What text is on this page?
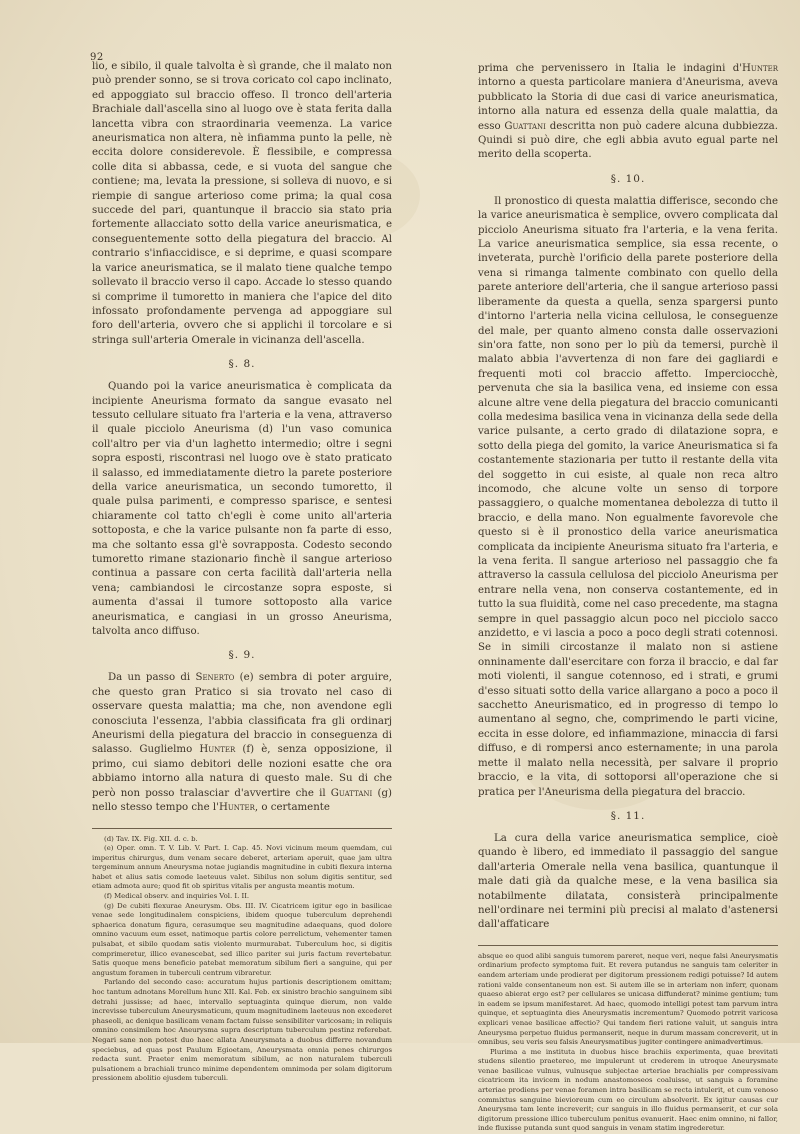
92

lio, e sibilo, il quale talvolta è sì grande, che il malato non può prender sonno, se si trova coricato col capo inclinato, ed appoggiato sul braccio offeso. Il tronco dell'arteria Brachiale dall'ascella sino al luogo ove è stata ferita dalla lancetta vibra con straordinaria veemenza. La varice aneurismatica non altera, nè infiamma punto la pelle, nè eccita dolore considerevole. È flessibile, e compressa colle dita si abbassa, cede, e si vuota del sangue che contiene; ma, levata la pressione, si solleva di nuovo, e si riempie di sangue arterioso come prima; la qual cosa succede del pari, quantunque il braccio sia stato pria fortemente allacciato sotto della varice aneurismatica, e conseguentemente sotto della piegatura del braccio. Al contrario s'infiaccidisce, e si deprime, e quasi scompare la varice aneurismatica, se il malato tiene qualche tempo sollevato il braccio verso il capo. Accade lo stesso quando si comprime il tumoretto in maniera che l'apice del dito infossato profondamente pervenga ad appoggiare sul foro dell'arteria, ovvero che si applichi il torcolare e si stringa sull'arteria Omerale in vicinanza dell'ascella.

§. 8.

Quando poi la varice aneurismatica è complicata da incipiente Aneurisma formato da sangue evasato nel tessuto cellulare situato fra l'arteria e la vena, attraverso il quale picciolo Aneurisma (d) l'un vaso comunica coll'altro per via d'un laghetto intermedio; oltre i segni sopra esposti, riscontrasi nel luogo ove è stato praticato il salasso, ed immediatamente dietro la parete posteriore della varice aneurismatica, un secondo tumoretto, il quale pulsa parimenti, e compresso sparisce, e sentesi chiaramente col tatto ch'egli è come unito all'arteria sottoposta, e che la varice pulsante non fa parte di esso, ma che soltanto essa gl'è sovrapposta. Codesto secondo tumoretto rimane stazionario finchè il sangue arterioso continua a passare con certa facilità dall'arteria nella vena; cambiandosi le circostanze sopra esposte, si aumenta d'assai il tumore sottoposto alla varice aneurismatica, e cangiasi in un grosso Aneurisma, talvolta anco diffuso.

§. 9.

Da un passo di Senerto (e) sembra di poter arguire, che questo gran Pratico si sia trovato nel caso di osservare questa malattia; ma che, non avendone egli conosciuta l'essenza, l'abbia classificata fra gli ordinarj Aneurismi della piegatura del braccio in conseguenza di salasso. Guglielmo Hunter (f) è, senza opposizione, il primo, cui siamo debitori delle nozioni esatte che ora abbiamo intorno alla natura di questo male. Su di che però non posso tralasciar d'avvertire che il Guattani (g) nello stesso tempo che l'Hunter, o certamente

(d) Tav. IX. Fig. XII. d. c. b.

(e) Oper. omn. T. V. Lib. V. Part. I. Cap. 45. Novi vicinum meum quemdam, cui imperitus chirurgus, dum venam secare deberet, arteriam aperuit, quae jam ultra tergeminum annum Aneurysma notae jugiandis magnitudine in cubiti flexura interna habet et alius satis comode laeteuus valet. Sibilus non solum digitis sentitur, sed etiam admota aure; quod fit ob spiritus vitalis per angusta meantis motum.

(f) Medical observ. and inquiries Vol. I. II.

(g) De cubiti flexurae Aneurysm. Obs. III. IV. Cicatricem igitur ego in basilicae venae sede longitudinalem conspiciens, ibidem quoque tuberculum deprehendi sphaerica donatum figura, cerasumque seu magnitudine adaequans, quod dolore omnino vacuum eum esset, natimoque partis colore perrelictum, vehementer tamen pulsabat, et sibilo quodam satis violento murmurabat. Tuberculum hoc, si digitis comprimeretur, illico evanescebat, sed illico pariter sui juris factum revertebatur. Satis quoque mens beneficio patebat memoratum sibilum fieri a sanguine, qui per angustum foramen in tuberculi centrum vibraretur.

Parlando del secondo caso: accuratum hujus partionis descriptionem omittam; hoc tantum adnotans Morellum hunc XII. Kal. Feb. ex sinistro brachio sanguinem sibi detrahi jussisse; ad haec, intervallo septuaginta quinque dierum, non valde increvisse tuberculum Aneurysmaticum, quum magnitudinem laeteuus non excederet phaseoli, ac denique basilicam venam factam fuisse sensibiliter varicosam; in reliquis omnino consimilem hoc Aneurysma supra descriptum tuberculum pestinz referebat. Negari sane non potest duo haec allata Aneurysmata a duobus differre novandum speciebus, ad quas post Paulum Egioetam, Aneurysmata omnia penes chirurgos redacta sunt. Praeter enim memoratum sibilum, ac non naturalem tuberculi pulsationem a brachiali trunco minime dependentem omnimoda per solam digitorum pressionem abolitio ejusdem tuberculi.

prima che pervenissero in Italia le indagini d'Hunter intorno a questa particolare maniera d'Aneurisma, aveva pubblicato la Storia di due casi di varice aneurismatica, intorno alla natura ed essenza della quale malattia, da esso Guattani descritta non può cadere alcuna dubbiezza. Quindi si può dire, che egli abbia avuto egual parte nel merito della scoperta.

§. 10.

Il pronostico di questa malattia differisce, secondo che la varice aneurismatica è semplice, ovvero complicata dal picciolo Aneurisma situato fra l'arteria, e la vena ferita. La varice aneurismatica semplice, sia essa recente, o inveterata, purchè l'orificio della parete posteriore della vena si rimanga talmente combinato con quello della parete anteriore dell'arteria, che il sangue arterioso passi liberamente da questa a quella, senza spargersi punto d'intorno l'arteria nella vicina cellulosa, le conseguenze del male, per quanto almeno consta dalle osservazioni sin'ora fatte, non sono per lo più da temersi, purchè il malato abbia l'avvertenza di non fare dei gagliardi e frequenti moti col braccio affetto. Imperciocchè, pervenuta che sia la basilica vena, ed insieme con essa alcune altre vene della piegatura del braccio comunicanti colla medesima basilica vena in vicinanza della sede della varice pulsante, a certo grado di dilatazione sopra, e sotto della piega del gomito, la varice Aneurismatica si fa costantemente stazionaria per tutto il restante della vita del soggetto in cui esiste, al quale non reca altro incomodo, che alcune volte un senso di torpore passaggiero, o qualche momentanea debolezza di tutto il braccio, e della mano. Non egualmente favorevole che questo si è il pronostico della varice aneurismatica complicata da incipiente Aneurisma situato fra l'arteria, e la vena ferita. Il sangue arterioso nel passaggio che fa attraverso la cassula cellulosa del picciolo Aneurisma per entrare nella vena, non conserva costantemente, ed in tutto la sua fluidità, come nel caso precedente, ma stagna sempre in quel passaggio alcun poco nel picciolo sacco anzidetto, e vi lascia a poco a poco degli strati cotennosi. Se in simili circostanze il malato non si astiene onninamente dall'esercitare con forza il braccio, e dal far moti violenti, il sangue cotennoso, ed i strati, e grumi d'esso situati sotto della varice allargano a poco a poco il sacchetto Aneurismatico, ed in progresso di tempo lo aumentano al segno, che, comprimendo le parti vicine, eccita in esse dolore, ed infiammazione, minaccia di farsi diffuso, e di rompersi anco esternamente; in una parola mette il malato nella necessità, per salvare il proprio braccio, e la vita, di sottoporsi all'operazione che si pratica per l'Aneurisma della piegatura del braccio.

§. 11.

La cura della varice aneurismatica semplice, cioè quando è libero, ed immediato il passaggio del sangue dall'arteria Omerale nella vena basilica, quantunque il male dati già da qualche mese, e la vena basilica sia notabilmente dilatata, consisterà principalmente nell'ordinare nei termini più precisi al malato d'astenersi dall'affaticare

absque eo quod alibi sanguis tumorem pareret, neque veri, neque falsi Aneurysmatis ordinarium profecto symptoma fuit. Et revera putandus ne sanguis tam celeriter in eandem arteriam unde prodierat per digitorum pressionem redigi potuisse? Id autem rationi valde consentaneum non est. Si autem ille se in arteriam non inferr, quonam quaeso abierat ergo est? per cellulares se unicasa diffunderat? minime gentium; tum in eadem se ipsum manifestaret. Ad haec, quomodo intelligi potest tam parvum intra quinque, et septuaginta dies Aneurysmatis incrementum? Quomodo potrrit varicosa explicari venae basilicae affectio? Qui tandem fieri ratione valuit, ut sanguis intra Aneurysma perpetuo fluidus permanserit, neque in durum massam concreverit, ut in omnibus, seu veris seu falsis Aneurysmatibus jugiter contingere animadvertimus.

Plurima a me instituta in duobus hisce brachiis experimenta, quae brevitati studens silentio praetereo, me impulerunt ut crederem in utroque Aneurysmate venae basilicae vulnus, vulnusque subjectae arteriae brachialis per compressivam cicatricem ita invicem in nodum anastomoseos coaluisse, ut sanguis a foramine arteriae prodiens per venae foramen intra basilicam se recta intulerit, et cum venoso commixtus sanguine bievioreum cum eo circulum absolverit. Ex igitur causas cur Aneurysma tam lente increverit; cur sanguis in illo fluidus permanserit, et cur sola digitorum pressione illico tuberculum penitus evanuerit. Haec enim omnino, ni fallor, inde fluxisse putanda sunt quod sanguis in venam statim ingrederetur.
